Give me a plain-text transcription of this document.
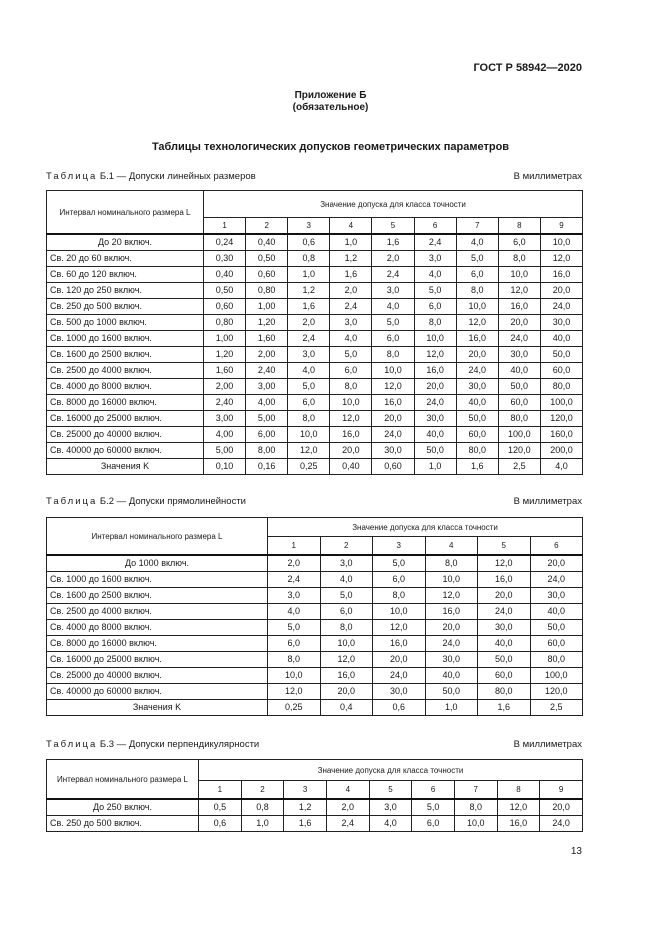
ГОСТ Р 58942—2020
Приложение Б
(обязательное)
Таблицы технологических допусков геометрических параметров
Таблица Б.1 — Допуски линейных размеров	В миллиметрах
Интервал номинального размера L	Значение допуска для класса точности								
	1	2	3	4	5	6	7	8	9
До 20 включ.	0,24	0,40	0,6	1,0	1,6	2,4	4,0	6,0	10,0
Св. 20 до 60 включ.	0,30	0,50	0,8	1,2	2,0	3,0	5,0	8,0	12,0
Св. 60 до 120 включ.	0,40	0,60	1,0	1,6	2,4	4,0	6,0	10,0	16,0
Св. 120 до 250 включ.	0,50	0,80	1,2	2,0	3,0	5,0	8,0	12,0	20,0
Св. 250 до 500 включ.	0,60	1,00	1,6	2,4	4,0	6,0	10,0	16,0	24,0
Св. 500 до 1000 включ.	0,80	1,20	2,0	3,0	5,0	8,0	12,0	20,0	30,0
Св. 1000 до 1600 включ.	1,00	1,60	2,4	4,0	6,0	10,0	16,0	24,0	40,0
Св. 1600 до 2500 включ.	1,20	2,00	3,0	5,0	8,0	12,0	20,0	30,0	50,0
Св. 2500 до 4000 включ.	1,60	2,40	4,0	6,0	10,0	16,0	24,0	40,0	60,0
Св. 4000 до 8000 включ.	2,00	3,00	5,0	8,0	12,0	20,0	30,0	50,0	80,0
Св. 8000 до 16000 включ.	2,40	4,00	6,0	10,0	16,0	24,0	40,0	60,0	100,0
Св. 16000 до 25000 включ.	3,00	5,00	8,0	12,0	20,0	30,0	50,0	80,0	120,0
Св. 25000 до 40000 включ.	4,00	6,00	10,0	16,0	24,0	40,0	60,0	100,0	160,0
Св. 40000 до 60000 включ.	5,00	8,00	12,0	20,0	30,0	50,0	80,0	120,0	200,0
Значения K	0,10	0,16	0,25	0,40	0,60	1,0	1,6	2,5	4,0
Таблица Б.2 — Допуски прямолинейности	В миллиметрах
Интервал номинального размера L	Значение допуска для класса точности					
	1	2	3	4	5	6
До 1000 включ.	2,0	3,0	5,0	8,0	12,0	20,0
Св. 1000 до 1600 включ.	2,4	4,0	6,0	10,0	16,0	24,0
Св. 1600 до 2500 включ.	3,0	5,0	8,0	12,0	20,0	30,0
Св. 2500 до 4000 включ.	4,0	6,0	10,0	16,0	24,0	40,0
Св. 4000 до 8000 включ.	5,0	8,0	12,0	20,0	30,0	50,0
Св. 8000 до 16000 включ.	6,0	10,0	16,0	24,0	40,0	60,0
Св. 16000 до 25000 включ.	8,0	12,0	20,0	30,0	50,0	80,0
Св. 25000 до 40000 включ.	10,0	16,0	24,0	40,0	60,0	100,0
Св. 40000 до 60000 включ.	12,0	20,0	30,0	50,0	80,0	120,0
Значения K	0,25	0,4	0,6	1,0	1,6	2,5
Таблица Б.3 — Допуски перпендикулярности	В миллиметрах
Интервал номинального размера L	Значение допуска для класса точности								
	1	2	3	4	5	6	7	8	9
До 250 включ.	0,5	0,8	1,2	2,0	3,0	5,0	8,0	12,0	20,0
Св. 250 до 500 включ.	0,6	1,0	1,6	2,4	4,0	6,0	10,0	16,0	24,0
13
